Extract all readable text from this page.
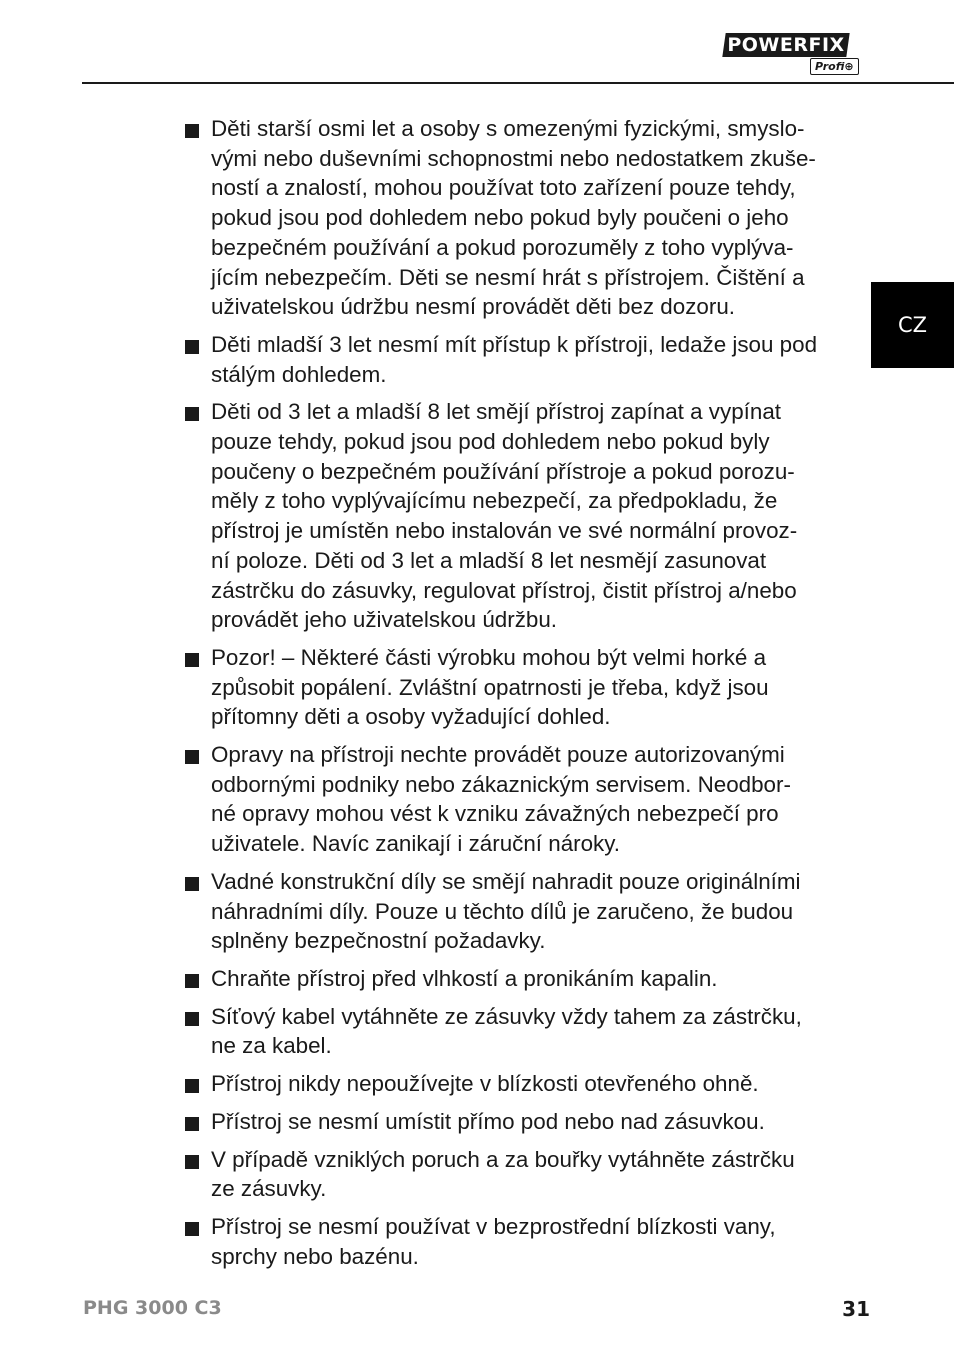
POWERFIX
Profi⊕
CZ
Děti starší osmi let a osoby s omezenými fyzickými, smyslo-
vými nebo duševními schopnostmi nebo nedostatkem zkuše-
ností a znalostí, mohou používat toto zařízení pouze tehdy,
pokud jsou pod dohledem nebo pokud byly poučeni o jeho
bezpečném používání a pokud porozuměly z toho vyplýva-
jícím nebezpečím. Děti se nesmí hrát s přístrojem. Čištění a
uživatelskou údržbu nesmí provádět děti bez dozoru.
Děti mladší 3 let nesmí mít přístup k přístroji, ledaže jsou pod
stálým dohledem.
Děti od 3 let a mladší 8 let smějí přístroj zapínat a vypínat
pouze tehdy, pokud jsou pod dohledem nebo pokud byly
poučeny o bezpečném používání přístroje a pokud porozu-
měly z toho vyplývajícímu nebezpečí, za předpokladu, že
přístroj je umístěn nebo instalován ve své normální provoz-
ní poloze. Děti od 3 let a mladší 8 let nesmějí zasunovat
zástrčku do zásuvky, regulovat přístroj, čistit přístroj a/nebo
provádět jeho uživatelskou údržbu.
Pozor! – Některé části výrobku mohou být velmi horké a
způsobit popálení. Zvláštní opatrnosti je třeba, když jsou
přítomny děti a osoby vyžadující dohled.
Opravy na přístroji nechte provádět pouze autorizovanými
odbornými podniky nebo zákaznickým servisem. Neodbor-
né opravy mohou vést k vzniku závažných nebezpečí pro
uživatele. Navíc zanikají i záruční nároky.
Vadné konstrukční díly se smějí nahradit pouze originálními
náhradními díly. Pouze u těchto dílů je zaručeno, že budou
splněny bezpečnostní požadavky.
Chraňte přístroj před vlhkostí a pronikáním kapalin.
Síťový kabel vytáhněte ze zásuvky vždy tahem za zástrčku,
ne za kabel.
Přístroj nikdy nepoužívejte v blízkosti otevřeného ohně.
Přístroj se nesmí umístit přímo pod nebo nad zásuvkou.
V případě vzniklých poruch a za bouřky vytáhněte zástrčku
ze zásuvky.
Přístroj se nesmí používat v bezprostřední blízkosti vany,
sprchy nebo bazénu.
PHG 3000 C3	31
